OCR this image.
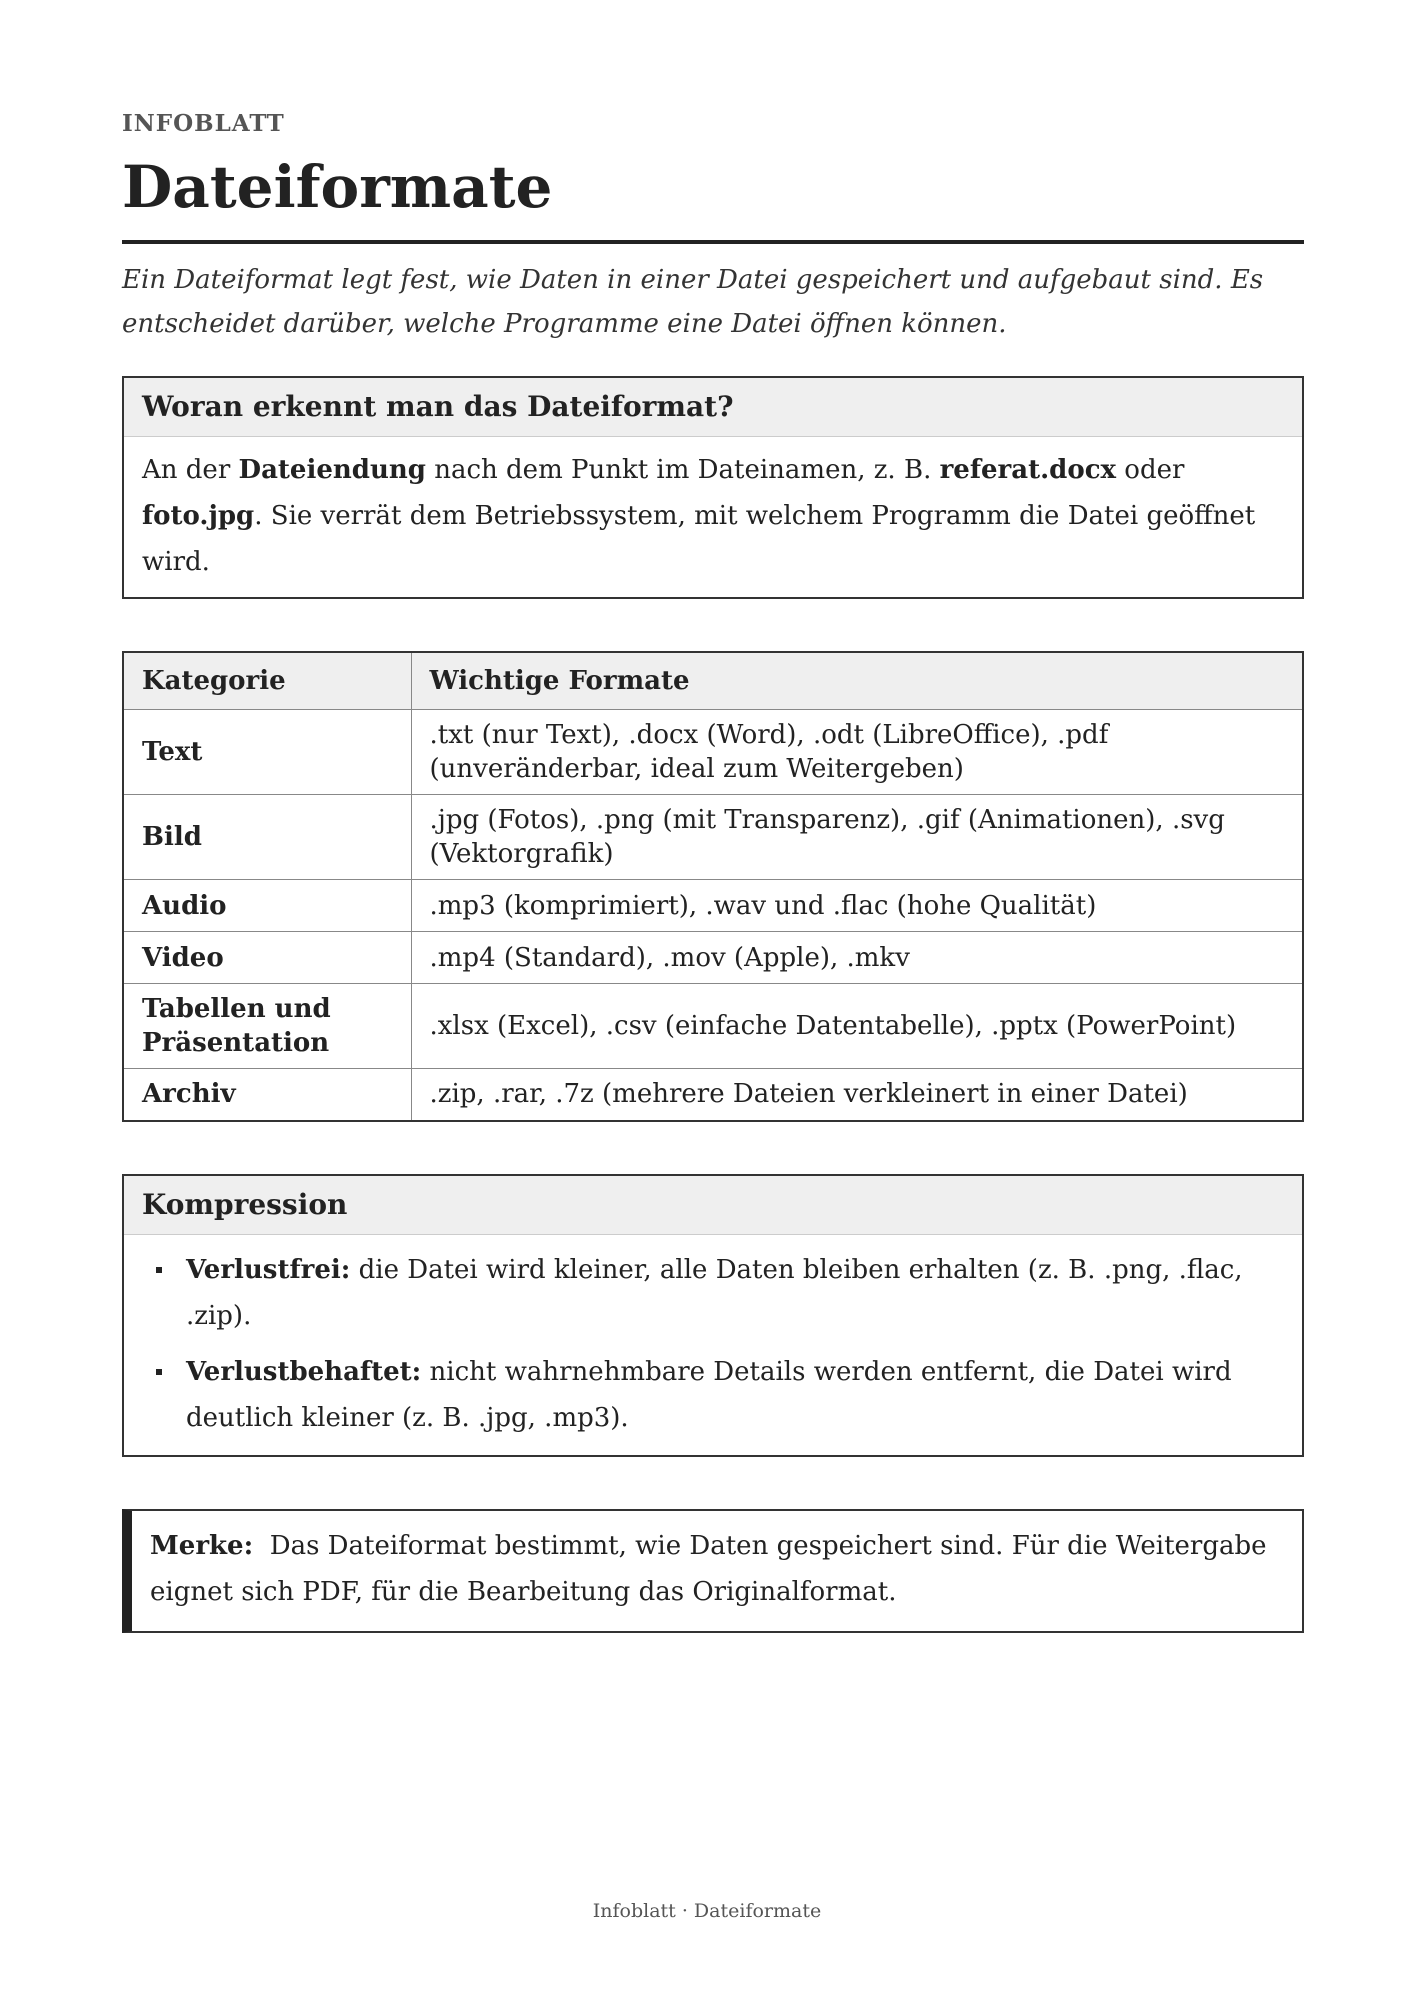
INFOBLATT

Dateiformate

Ein Dateiformat legt fest, wie Daten in einer Datei gespeichert und aufgebaut sind. Es entscheidet darüber, welche Programme eine Datei öffnen können.

Woran erkennt man das Dateiformat?
An der Dateiendung nach dem Punkt im Dateinamen, z. B. referat.docx oder foto.jpg. Sie verrät dem Betriebssystem, mit welchem Programm die Datei geöffnet wird.
Kategorie	Wichtige Formate
Text	.txt (nur Text), .docx (Word), .odt (LibreOffice), .pdf (unveränderbar, ideal zum Weitergeben)
Bild	.jpg (Fotos), .png (mit Transparenz), .gif (Animationen), .svg (Vektorgrafik)
Audio	.mp3 (komprimiert), .wav und .flac (hohe Qualität)
Video	.mp4 (Standard), .mov (Apple), .mkv
Tabellen und Präsentation	.xlsx (Excel), .csv (einfache Datentabelle), .pptx (PowerPoint)
Archiv	.zip, .rar, .7z (mehrere Dateien verkleinert in einer Datei)
Kompression
Verlustfrei: die Datei wird kleiner, alle Daten bleiben erhalten (z. B. .png, .flac, .zip).
Verlustbehaftet: nicht wahrnehmbare Details werden entfernt, die Datei wird deutlich kleiner (z. B. .jpg, .mp3).
Merke:  Das Dateiformat bestimmt, wie Daten gespeichert sind. Für die Weitergabe eignet sich PDF, für die Bearbeitung das Originalformat.
Infoblatt · Dateiformate
